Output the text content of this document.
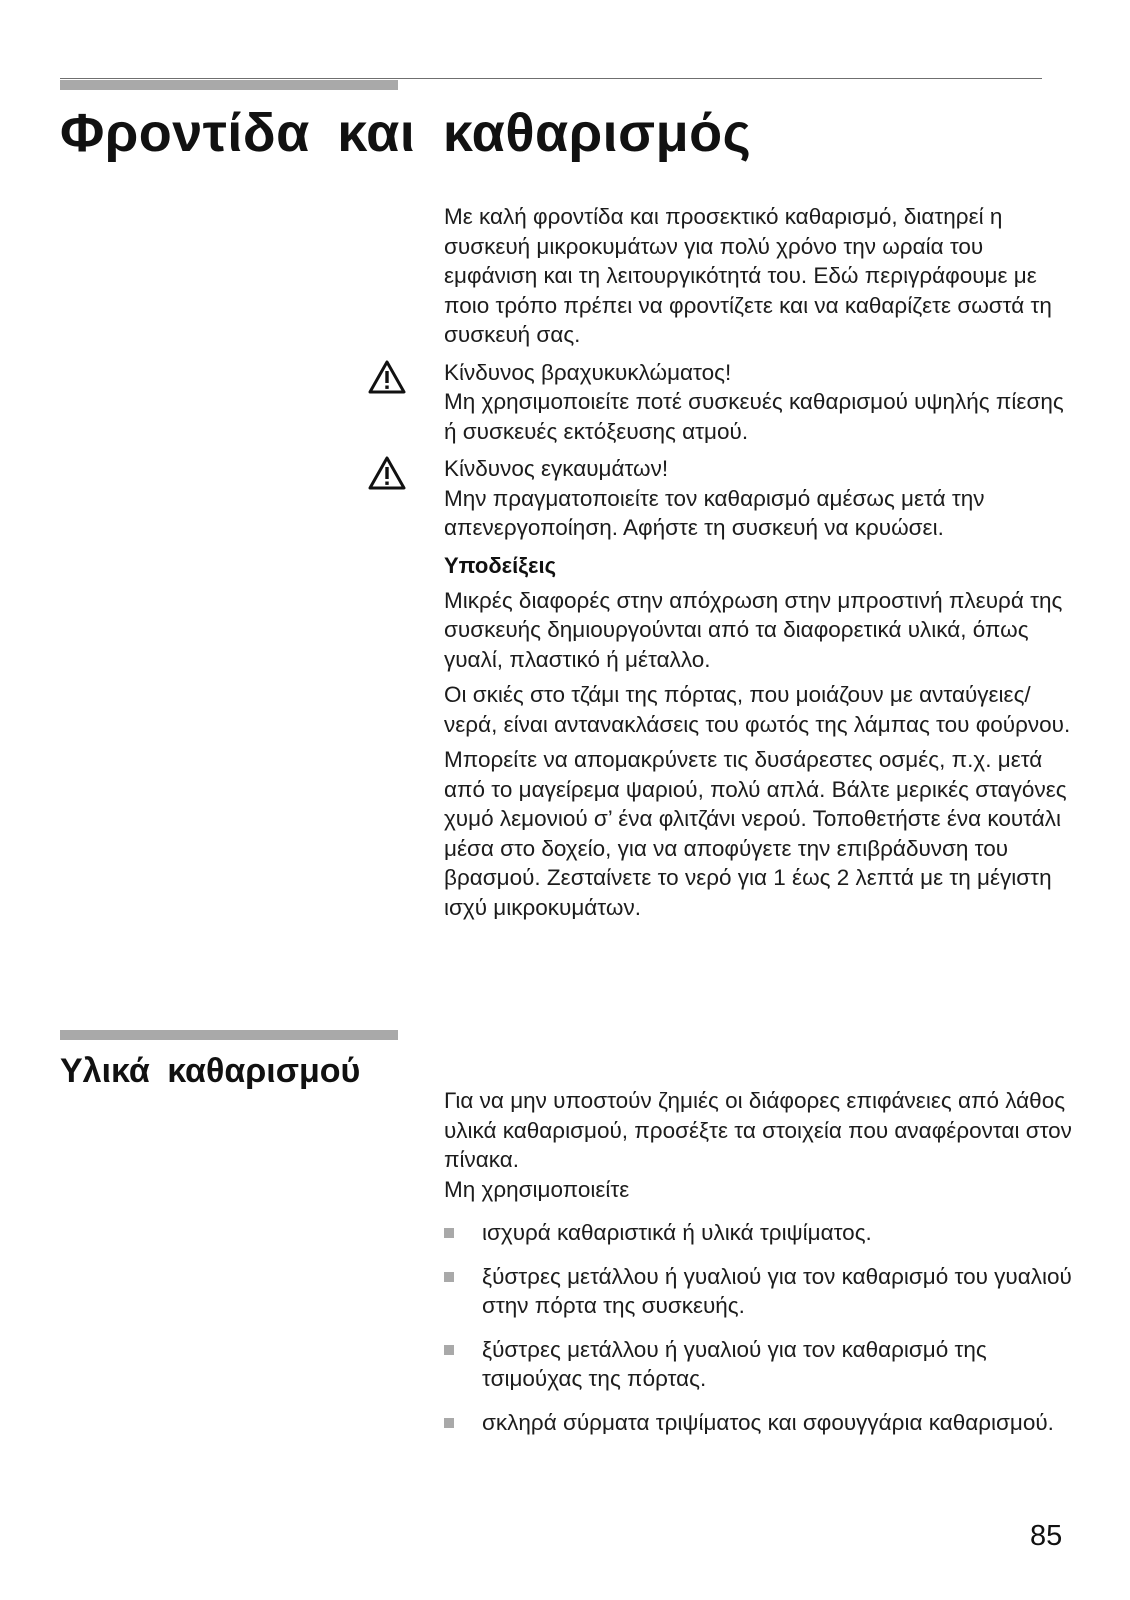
Φροντίδα και καθαρισμός

Με καλή φροντίδα και προσεκτικό καθαρισμό, διατηρεί η συσκευή μικροκυμάτων για πολύ χρόνο την ωραία του εμφάνιση και τη λειτουργικότητά του. Εδώ περιγράφουμε με ποιο τρόπο πρέπει να φροντίζετε και να καθαρίζετε σωστά τη συσκευή σας.

Κίνδυνος βραχυκυκλώματος!

Μη χρησιμοποιείτε ποτέ συσκευές καθαρισμού υψηλής πίεσης ή συσκευές εκτόξευσης ατμού.

Κίνδυνος εγκαυμάτων!

Μην πραγματοποιείτε τον καθαρισμό αμέσως μετά την απενεργοποίηση. Αφήστε τη συσκευή να κρυώσει.

Υποδείξεις

Μικρές διαφορές στην απόχρωση στην μπροστινή πλευρά της συσκευής δημιουργούνται από τα διαφορετικά υλικά, όπως γυαλί, πλαστικό ή μέταλλο.

Οι σκιές στο τζάμι της πόρτας, που μοιάζουν με ανταύγειες/νερά, είναι αντανακλάσεις του φωτός της λάμπας του φούρνου.

Μπορείτε να απομακρύνετε τις δυσάρεστες οσμές, π.χ. μετά από το μαγείρεμα ψαριού, πολύ απλά. Βάλτε μερικές σταγόνες χυμό λεμονιού σ’ ένα φλιτζάνι νερού. Τοποθετήστε ένα κουτάλι μέσα στο δοχείο, για να αποφύγετε την επιβράδυνση του βρασμού. Ζεσταίνετε το νερό για 1 έως 2 λεπτά με τη μέγιστη ισχύ μικροκυμάτων.

Υλικά καθαρισμού

Για να μην υποστούν ζημιές οι διάφορες επιφάνειες από λάθος υλικά καθαρισμού, προσέξτε τα στοιχεία που αναφέρονται στον πίνακα.

Μη χρησιμοποιείτε

ισχυρά καθαριστικά ή υλικά τριψίματος.
ξύστρες μετάλλου ή γυαλιού για τον καθαρισμό του γυαλιού στην πόρτα της συσκευής.
ξύστρες μετάλλου ή γυαλιού για τον καθαρισμό της τσιμούχας της πόρτας.
σκληρά σύρματα τριψίματος και σφουγγάρια καθαρισμού.
85
